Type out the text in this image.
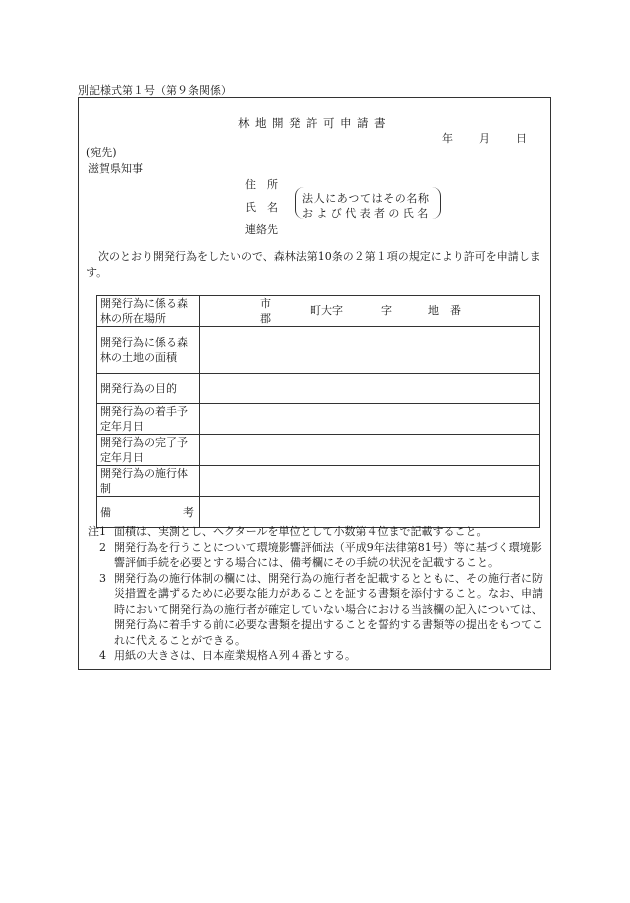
別記様式第１号（第９条関係）
林地開発許可申請書
年 月 日
(宛先)
滋賀県知事
住　所
氏　名
連絡先
法人にあつてはその名称
および代表者の氏名
次のとおり開発行為をしたいので、森林法第10条の２第１項の規定により許可を申請します。
開発行為に係る森林の所在場所	市
郡
町大字 字 地　番

開発行為に係る森林の土地の面積	
開発行為の目的	
開発行為の着手予定年月日	
開発行為の完了予定年月日	
開発行為の施行体制	

備 考	

注1 面積は、実測とし、ヘクタールを単位として小数第４位まで記載すること。
2 開発行為を行うことについて環境影響評価法（平成9年法律第81号）等に基づく環境影響評価手続を必要とする場合には、備考欄にその手続の状況を記載すること。
3 開発行為の施行体制の欄には、開発行為の施行者を記載するとともに、その施行者に防災措置を講ずるために必要な能力があることを証する書類を添付すること。なお、申請時において開発行為の施行者が確定していない場合における当該欄の記入については、開発行為に着手する前に必要な書類を提出することを誓約する書類等の提出をもつてこれに代えることができる。
4 用紙の大きさは、日本産業規格Ａ列４番とする。
